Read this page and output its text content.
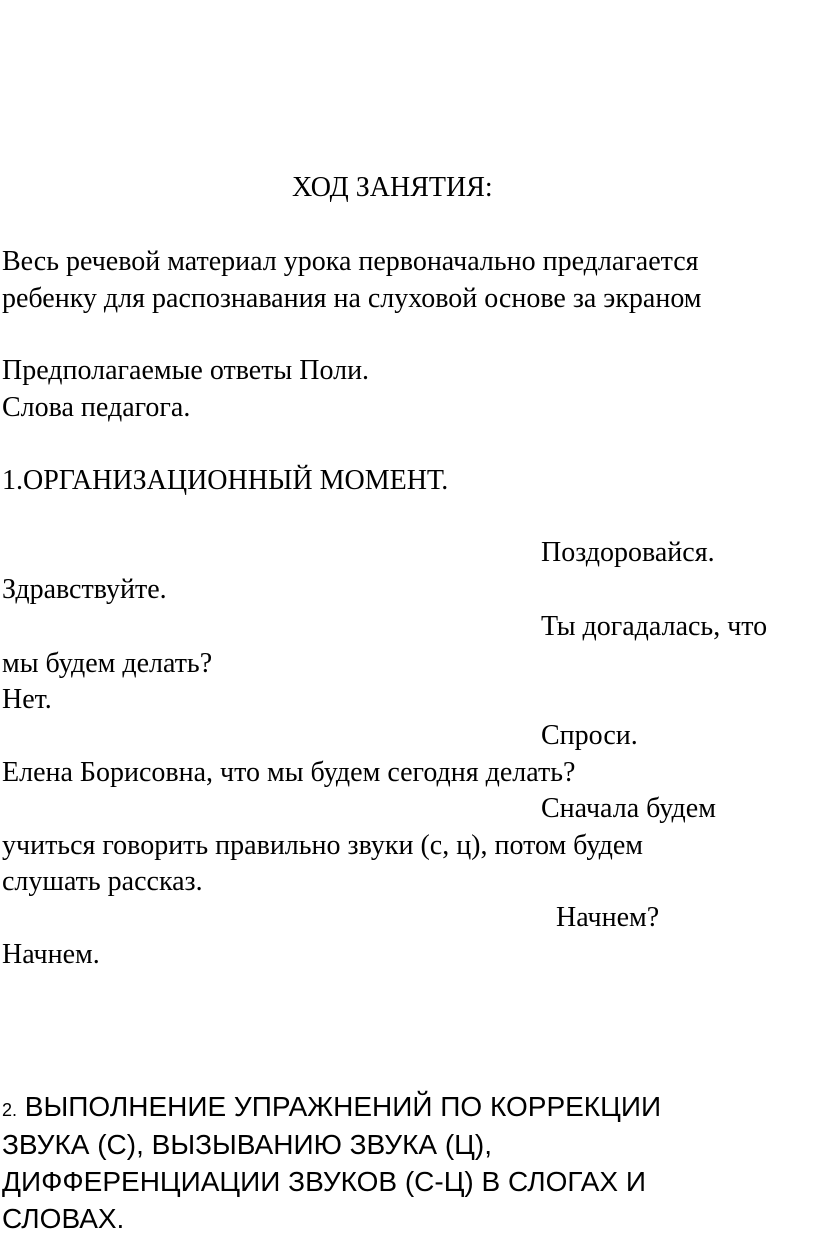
ХОД ЗАНЯТИЯ:
Весь речевой материал урока первоначально предлагается
ребенку для распознавания на слуховой основе за экраном
Предполагаемые ответы Поли.
Слова педагога.
1.ОРГАНИЗАЦИОННЫЙ МОМЕНТ.
Поздоровайся.
Здравствуйте.
Ты догадалась, что
мы будем делать?
Нет.
Спроси.
Елена Борисовна, что мы будем сегодня делать?
Сначала будем
учиться говорить правильно звуки (с, ц), потом будем
слушать рассказ.
Начнем?
Начнем.
2. ВЫПОЛНЕНИЕ УПРАЖНЕНИЙ ПО КОРРЕКЦИИ
ЗВУКА (С), ВЫЗЫВАНИЮ ЗВУКА (Ц),
ДИФФЕРЕНЦИАЦИИ ЗВУКОВ (С-Ц) В СЛОГАХ И
СЛОВАХ.
